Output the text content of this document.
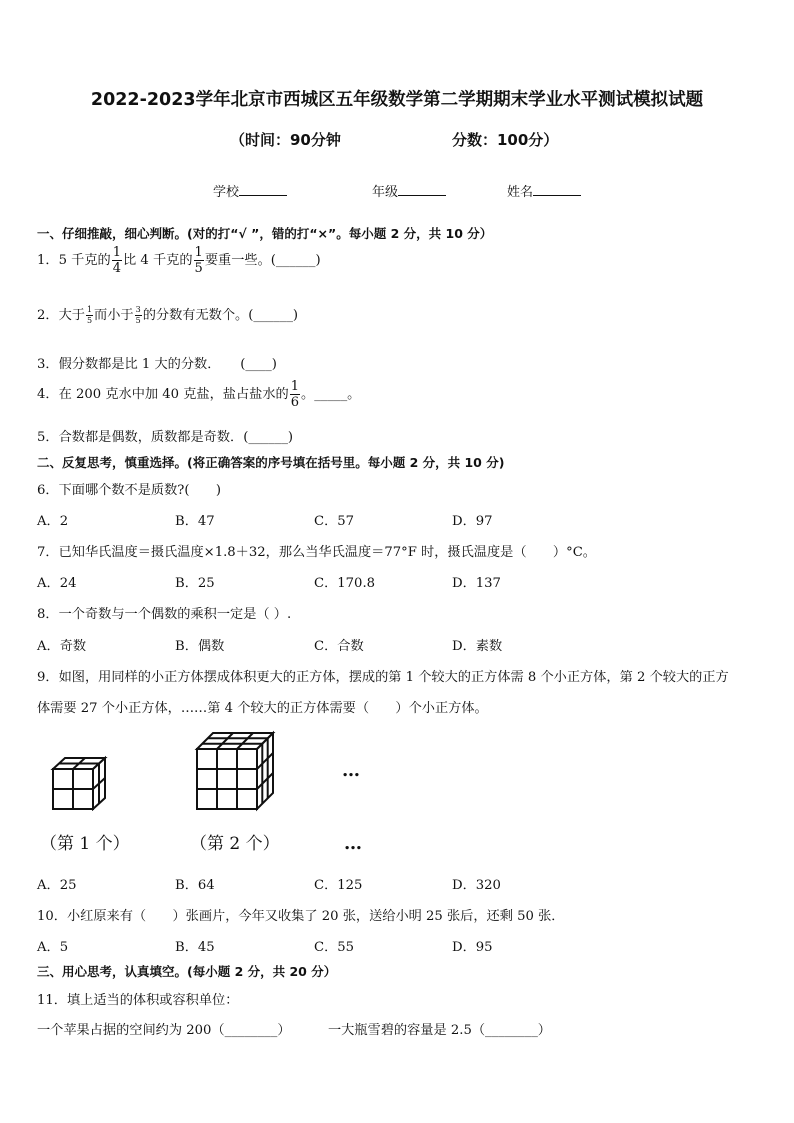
2022-2023学年北京市西城区五年级数学第二学期期末学业水平测试模拟试题
（时间：90分钟	分数：100分）
学校	年级	姓名
一、仔细推敲，细心判断。(对的打“√ ”，错的打“×”。每小题 2 分，共 10 分）
1．5 千克的 $\frac{1}{4}$ 比 4 千克的 $\frac{1}{5}$ 要重一些。(______)
2．大于 $\frac{1}{5}$ 而小于 $\frac{3}{5}$ 的分数有无数个。(______)
3．假分数都是比 1 大的分数．　　(____)
4．在 200 克水中加 40 克盐，盐占盐水的 $\frac{1}{6}$ 。_____。
5．合数都是偶数，质数都是奇数．(______)
二、反复思考，慎重选择。(将正确答案的序号填在括号里。每小题 2 分，共 10 分)
6．下面哪个数不是质数?(　　)
A．2	B．47	C．57	D．97
7．已知华氏温度＝摄氏温度×1.8＋32，那么当华氏温度＝77°F 时，摄氏温度是（　　）°C。
A．24	B．25	C．170.8	D．137
8．一个奇数与一个偶数的乘积一定是（ ）.
A．奇数	B．偶数	C．合数	D．素数
9．如图，用同样的小正方体摆成体积更大的正方体，摆成的第 1 个较大的正方体需 8 个小正方体，第 2 个较大的正方
体需要 27 个小正方体，……第 4 个较大的正方体需要（　　）个小正方体。
（第 1 个）	（第 2 个）
…
…
A．25	B．64	C．125	D．320
10．小红原来有（　　）张画片，今年又收集了 20 张，送给小明 25 张后，还剩 50 张．
A．5	B．45	C．55	D．95
三、用心思考，认真填空。(每小题 2 分，共 20 分）
11．填上适当的体积或容积单位：
一个苹果占据的空间约为 200（________）	一大瓶雪碧的容量是 2.5（________）
